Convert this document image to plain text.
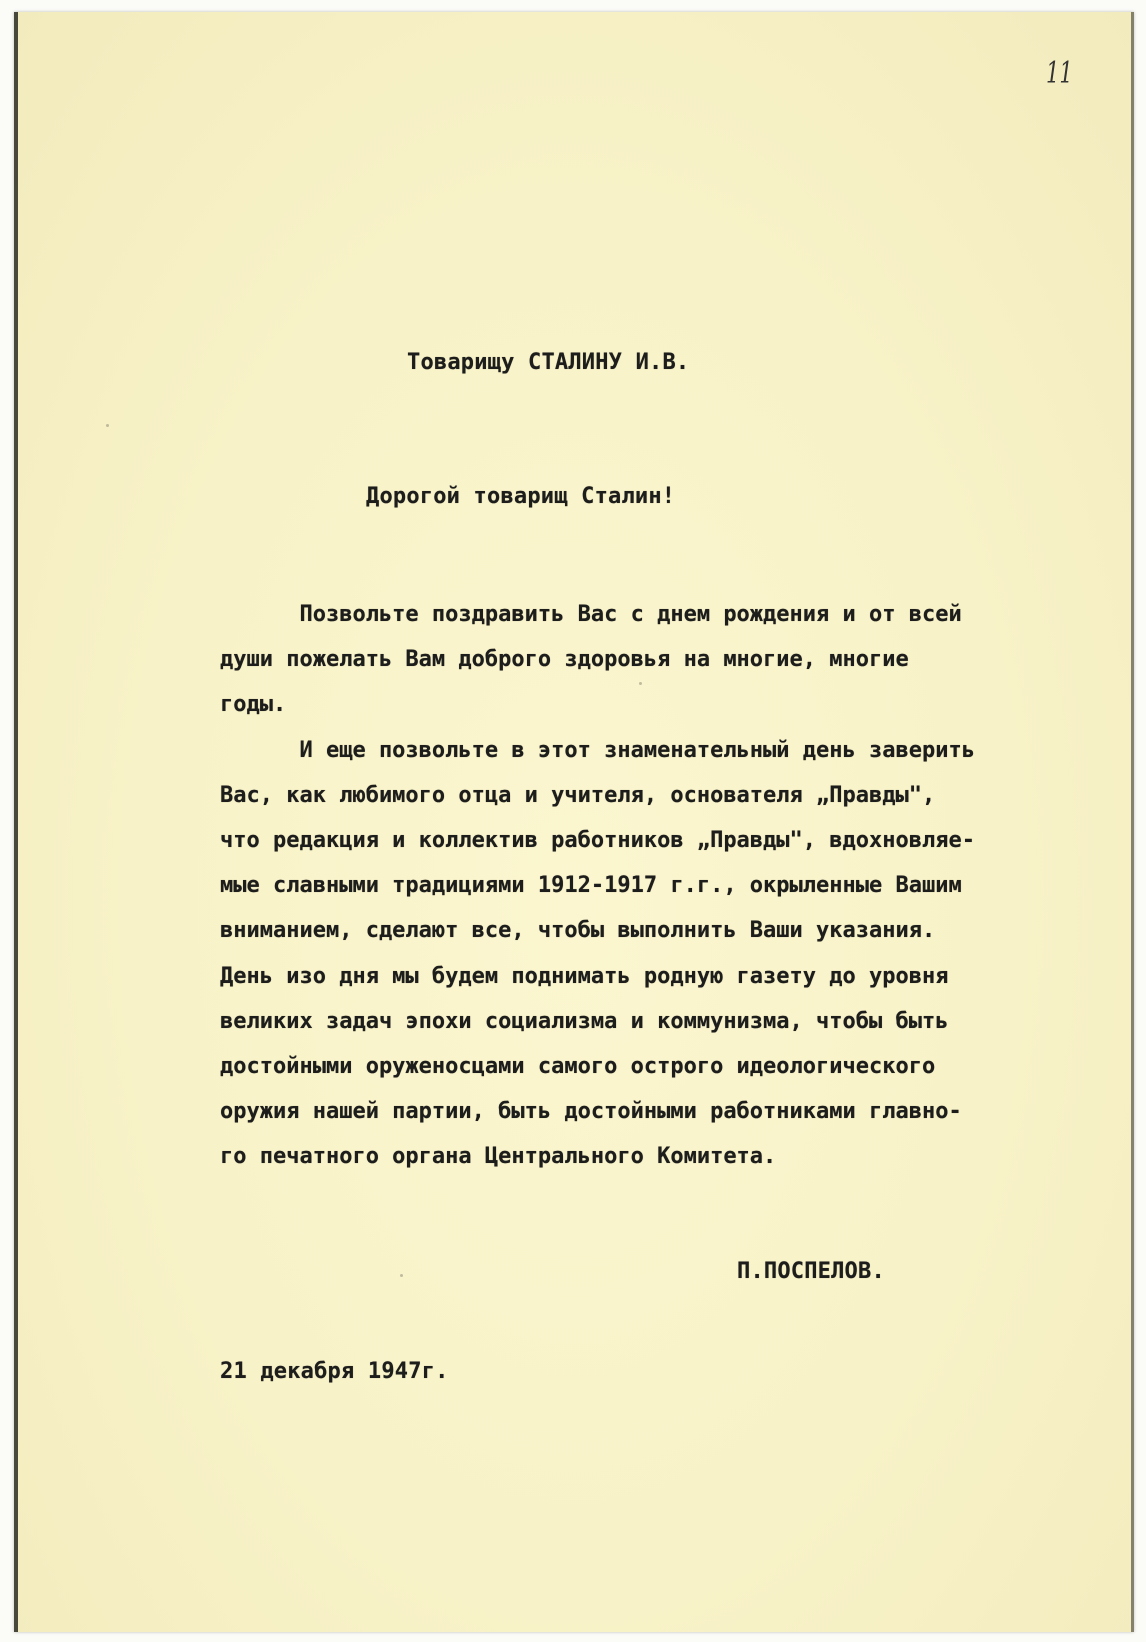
11
Товарищу СТАЛИНУ И.В.
Дорогой товарищ Сталин!
Позвольте поздравить Вас с днем рождения и от всей
души пожелать Вам доброго здоровья на многие, многие
годы.
И еще позвольте в этот знаменательный день заверить
Вас, как любимого отца и учителя, основателя „Правды",
что редакция и коллектив работников „Правды", вдохновляе-
мые славными традициями 1912-1917 г.г., окрыленные Вашим
вниманием, сделают все, чтобы выполнить Ваши указания.
День изо дня мы будем поднимать родную газету до уровня
великих задач эпохи социализма и коммунизма, чтобы быть
достойными оруженосцами самого острого идеологического
оружия нашей партии, быть достойными работниками главно-
го печатного органа Центрального Комитета.
П.ПОСПЕЛОВ.
21 декабря 1947г.
